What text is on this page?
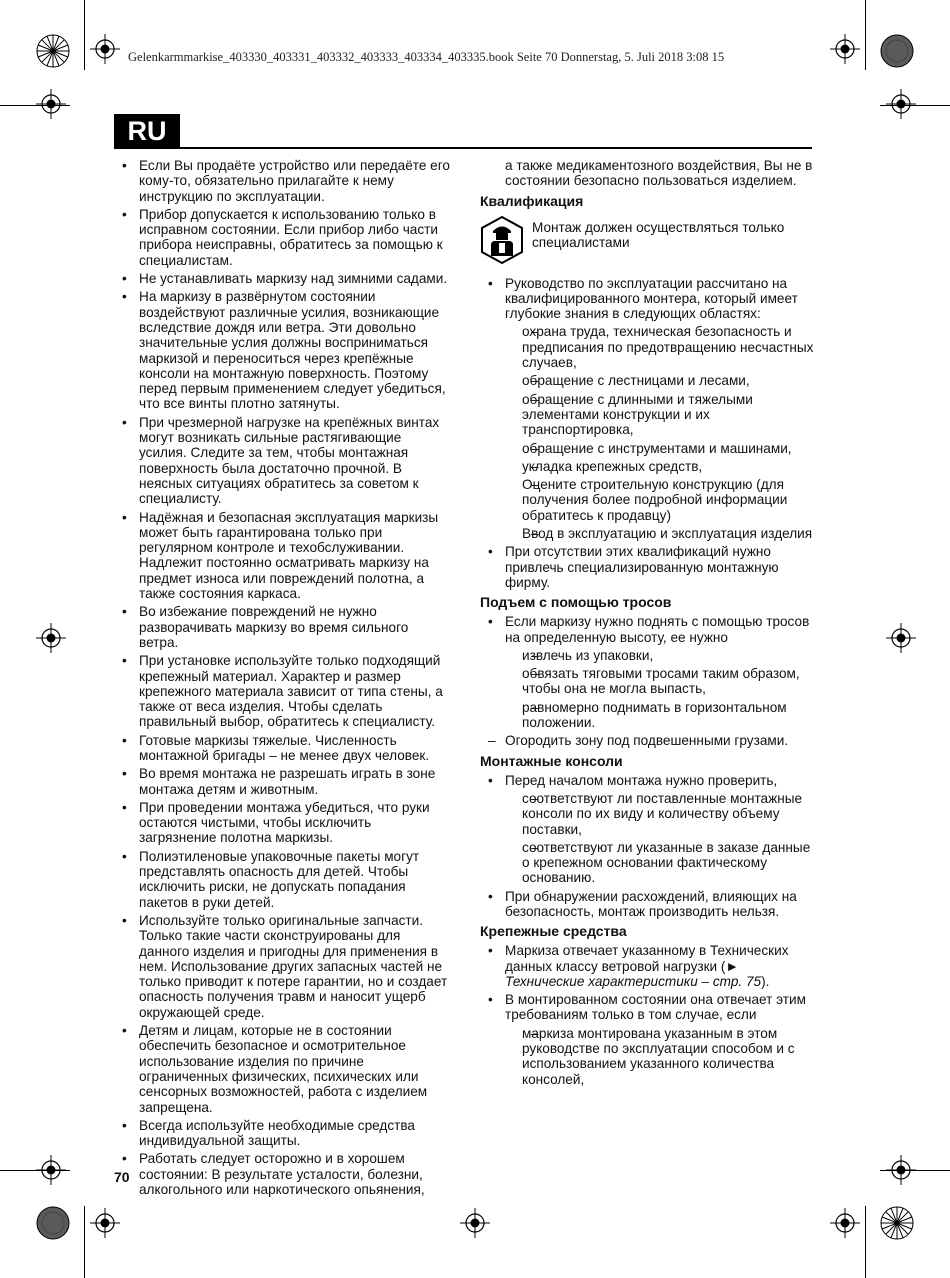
Gelenkarmmarkise_403330_403331_403332_403333_403334_403335.book Seite 70 Donnerstag, 5. Juli 2018 3:08 15
RU
• Если Вы продаёте устройство или передаёте его кому-то, обязательно прилагайте к нему инструкцию по эксплуатации.
• Прибор допускается к использованию только в исправном состоянии. Если прибор либо части прибора неисправны, обратитесь за помощью к специалистам.
• Не устанавливать маркизу над зимними садами.
• На маркизу в развёрнутом состоянии воздействуют различные усилия, возникающие вследствие дождя или ветра. Эти довольно значительные услия должны восприниматься маркизой и переноситься через крепёжные консоли на монтажную поверхность. Поэтому перед первым применением следует убедиться, что все винты плотно затянуты.
• При чрезмерной нагрузке на крепёжных винтах могут возникать сильные растягивающие усилия. Следите за тем, чтобы монтажная поверхность была достаточно прочной. В неясных ситуациях обратитесь за советом к специалисту.
• Надёжная и безопасная эксплуатация маркизы может быть гарантирована только при регулярном контроле и техобслуживании. Надлежит постоянно осматривать маркизу на предмет износа или повреждений полотна, а также состояния каркаса.
• Во избежание повреждений не нужно разворачивать маркизу во время сильного ветра.
• При установке используйте только подходящий крепежный материал. Характер и размер крепежного материала зависит от типа стены, а также от веса изделия. Чтобы сделать правильный выбор, обратитесь к специалисту.
• Готовые маркизы тяжелые. Численность монтажной бригады – не менее двух человек.
• Во время монтажа не разрешать играть в зоне монтажа детям и животным.
• При проведении монтажа убедиться, что руки остаются чистыми, чтобы исключить загрязнение полотна маркизы.
• Полиэтиленовые упаковочные пакеты могут представлять опасность для детей. Чтобы исключить риски, не допускать попадания пакетов в руки детей.
• Используйте только оригинальные запчасти. Только такие части сконструированы для данного изделия и пригодны для применения в нем. Использование других запасных частей не только приводит к потере гарантии, но и создает опасность получения травм и наносит ущерб окружающей среде.
• Детям и лицам, которые не в состоянии обеспечить безопасное и осмотрительное использование изделия по причине ограниченных физических, психических или сенсорных возможностей, работа с изделием запрещена.
• Всегда используйте необходимые средства индивидуальной защиты.
• Работать следует осторожно и в хорошем состоянии: В результате усталости, болезни, алкогольного или наркотического опьянения,
а также медикаментозного воздействия, Вы не в состоянии безопасно пользоваться изделием.
Квалификация
Монтаж должен осуществляться только специалистами
• Руководство по эксплуатации рассчитано на квалифицированного монтера, который имеет глубокие знания в следующих областях:
– охрана труда, техническая безопасность и предписания по предотвращению несчастных случаев,
– обращение с лестницами и лесами,
– обращение с длинными и тяжелыми элементами конструкции и их транспортировка,
– обращение с инструментами и машинами,
– укладка крепежных средств,
– Оцените строительную конструкцию (для получения более подробной информации обратитесь к продавцу)
– Ввод в эксплуатацию и эксплуатация изделия
• При отсутствии этих квалификаций нужно привлечь специализированную монтажную фирму.
Подъем с помощью тросов
• Если маркизу нужно поднять с помощью тросов на определенную высоту, ее нужно
– извлечь из упаковки,
– обвязать тяговыми тросами таким образом, чтобы она не могла выпасть,
– равномерно поднимать в горизонтальном положении.
– Огородить зону под подвешенными грузами.
Монтажные консоли
• Перед началом монтажа нужно проверить,
– соответствуют ли поставленные монтажные консоли по их виду и количеству объему поставки,
– соответствуют ли указанные в заказе данные о крепежном основании фактическому основанию.
• При обнаружении расхождений, влияющих на безопасность, монтаж производить нельзя.
Крепежные средства
• Маркиза отвечает указанному в Технических данных классу ветровой нагрузки (► Технические характеристики – стр. 75).
• В монтированном состоянии она отвечает этим требованиям только в том случае, если
– маркиза монтирована указанным в этом руководстве по эксплуатации способом и с использованием указанного количества консолей,
70
